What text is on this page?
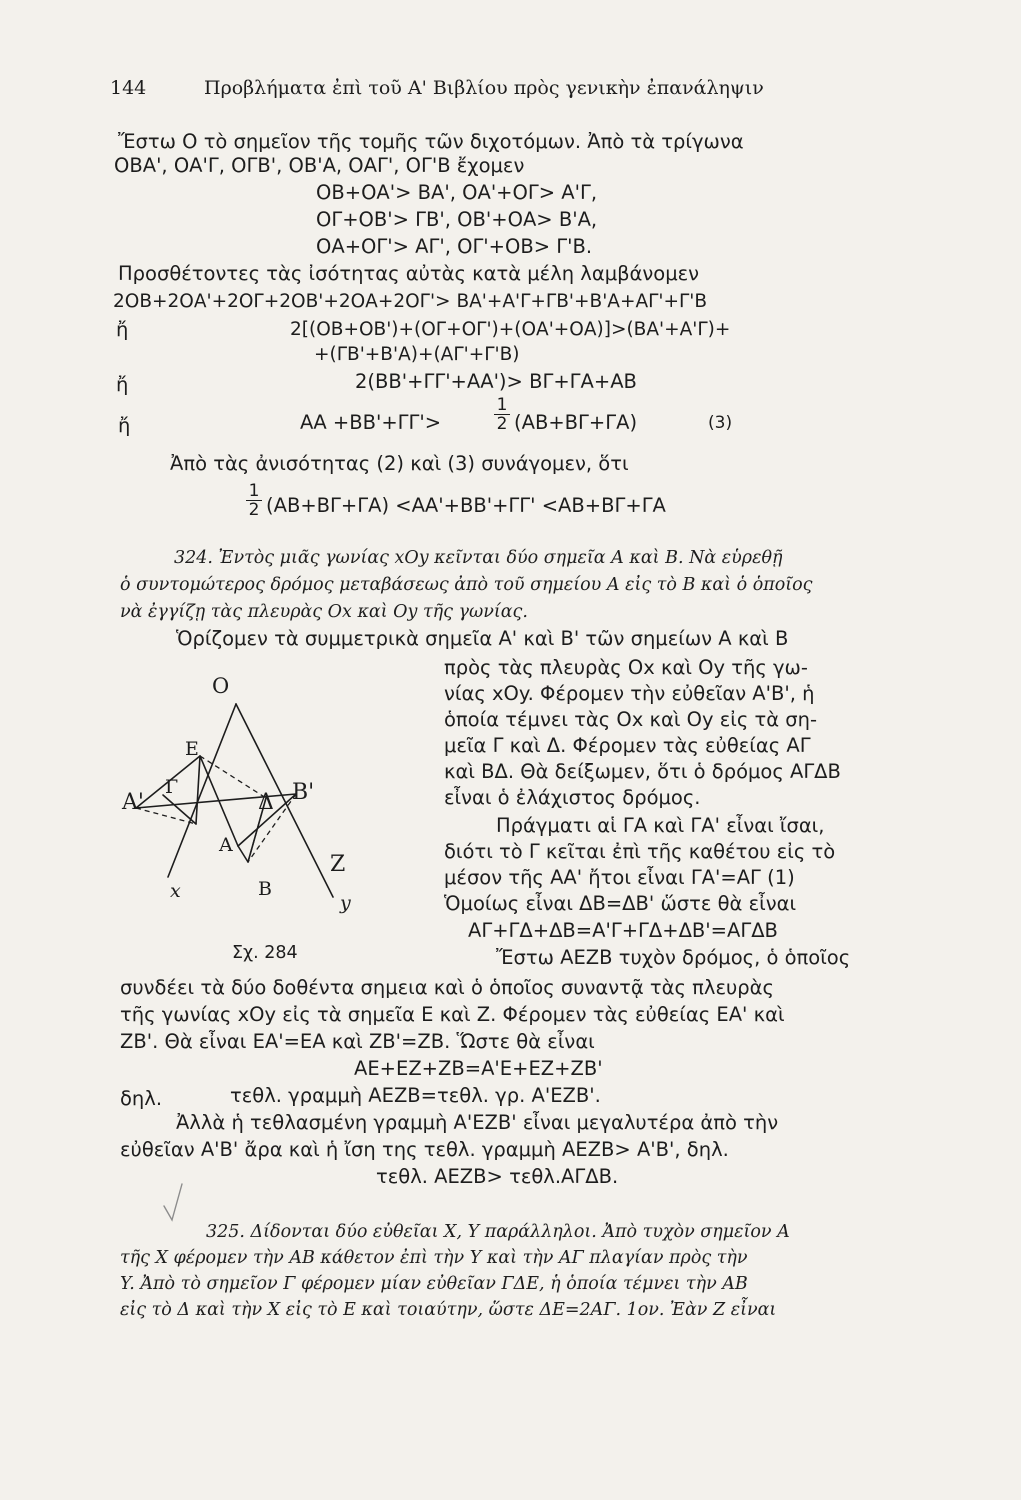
144	Προβλήματα ἐπὶ τοῦ Α' Βιβλίου πρὸς γενικὴν ἐπανάληψιν
Ἔστω Ο τὸ σημεῖον τῆς τομῆς τῶν διχοτόμων. Ἀπὸ τὰ τρίγωνα
ΟΒΑ', ΟΑ'Γ, ΟΓΒ', ΟΒ'Α, ΟΑΓ', ΟΓ'Β ἔχομεν
ΟΒ+ΟΑ'> ΒΑ', ΟΑ'+ΟΓ> Α'Γ,
ΟΓ+ΟΒ'> ΓΒ', ΟΒ'+ΟΑ> Β'Α,
ΟΑ+ΟΓ'> ΑΓ', ΟΓ'+ΟΒ> Γ'Β.
Προσθέτοντες τὰς ἰσότητας αὐτὰς κατὰ μέλη λαμβάνομεν
2ΟΒ+2ΟΑ'+2ΟΓ+2ΟΒ'+2ΟΑ+2ΟΓ'> ΒΑ'+Α'Γ+ΓΒ'+Β'Α+ΑΓ'+Γ'Β
ἤ	2[(ΟΒ+ΟΒ')+(ΟΓ+ΟΓ')+(ΟΑ'+ΟΑ)]>(ΒΑ'+Α'Γ)+
+(ΓΒ'+Β'Α)+(ΑΓ'+Γ'Β)
ἤ	2(ΒΒ'+ΓΓ'+ΑΑ')> ΒΓ+ΓΑ+ΑΒ
ἤ	ΑΑ +ΒΒ'+ΓΓ'>	$\frac{1}{2} (AB+B\Gamma+\Gamma A)$	(3)
Ἀπὸ τὰς ἀνισότητας (2) καὶ (3) συνάγομεν, ὅτι
$\frac{1}{2} (AB+B\Gamma+\Gamma A) <AA'+BB'+\Gamma\Gamma' <AB+B\Gamma+\Gamma A$
324. Ἐντὸς μιᾶς γωνίας xOy κεῖνται δύο σημεῖα Α καὶ Β. Νὰ εὑρεθῇ
ὁ συντομώτερος δρόμος μεταβάσεως ἀπὸ τοῦ σημείου Α εἰς τὸ Β καὶ ὁ ὁποῖος
νὰ ἐγγίζῃ τὰς πλευρὰς Ox καὶ Oy τῆς γωνίας.
Ὁρίζομεν τὰ συμμετρικὰ σημεῖα Α' καὶ Β' τῶν σημείων Α καὶ Β
πρὸς τὰς πλευρὰς Ox καὶ Oy τῆς γω-
νίας xOy. Φέρομεν τὴν εὐθεῖαν Α'Β', ἡ
ὁποία τέμνει τὰς Ox καὶ Oy εἰς τὰ ση-
μεῖα Γ καὶ Δ. Φέρομεν τὰς εὐθείας ΑΓ
καὶ ΒΔ. Θὰ δείξωμεν, ὅτι ὁ δρόμος ΑΓΔΒ
εἶναι ὁ ἐλάχιστος δρόμος.
Πράγματι αἱ ΓΑ καὶ ΓΑ' εἶναι ἴσαι,
διότι τὸ Γ κεῖται ἐπὶ τῆς καθέτου εἰς τὸ
μέσον τῆς ΑΑ' ἤτοι εἶναι ΓΑ'=ΑΓ (1)
Ὁμοίως εἶναι ΔΒ=ΔΒ' ὥστε θὰ εἶναι
ΑΓ+ΓΔ+ΔΒ=Α'Γ+ΓΔ+ΔΒ'=ΑΓΔΒ
Ἔστω ΑΕΖΒ τυχὸν δρόμος, ὁ ὁποῖος
Σχ. 284
συνδέει τὰ δύο δοθέντα σημεια καὶ ὁ ὁποῖος συναντᾷ τὰς πλευρὰς
τῆς γωνίας xOy εἰς τὰ σημεῖα Ε καὶ Ζ. Φέρομεν τὰς εὐθείας ΕΑ' καὶ
ΖΒ'. Θὰ εἶναι ΕΑ'=ΕΑ καὶ ΖΒ'=ΖΒ. Ὥστε θὰ εἶναι
ΑΕ+ΕΖ+ΖΒ=Α'Ε+ΕΖ+ΖΒ'
δηλ.	τεθλ. γραμμὴ ΑΕΖΒ=τεθλ. γρ. Α'ΕΖΒ'.
Ἀλλὰ ἡ τεθλασμένη γραμμὴ Α'ΕΖΒ' εἶναι μεγαλυτέρα ἀπὸ τὴν
εὐθεῖαν Α'Β' ἄρα καὶ ἡ ἴση της τεθλ. γραμμὴ ΑΕΖΒ> Α'Β', δηλ.
τεθλ. ΑΕΖΒ> τεθλ.ΑΓΔΒ.
O
E
A'
Γ	B'
A
Δ
Z
x	B
y
325. Δίδονται δύο εὐθεῖαι X, Y παράλληλοι. Ἀπὸ τυχὸν σημεῖον Α
τῆς X φέρομεν τὴν ΑΒ κάθετον ἐπὶ τὴν Y καὶ τὴν ΑΓ πλαγίαν πρὸς τὴν
Y. Ἀπὸ τὸ σημεῖον Γ φέρομεν μίαν εὐθεῖαν ΓΔΕ, ἡ ὁποία τέμνει τὴν ΑΒ
εἰς τὸ Δ καὶ τὴν X εἰς τὸ Ε καὶ τοιαύτην, ὥστε ΔΕ=2ΑΓ. 1ον. Ἐὰν Ζ εἶναι
